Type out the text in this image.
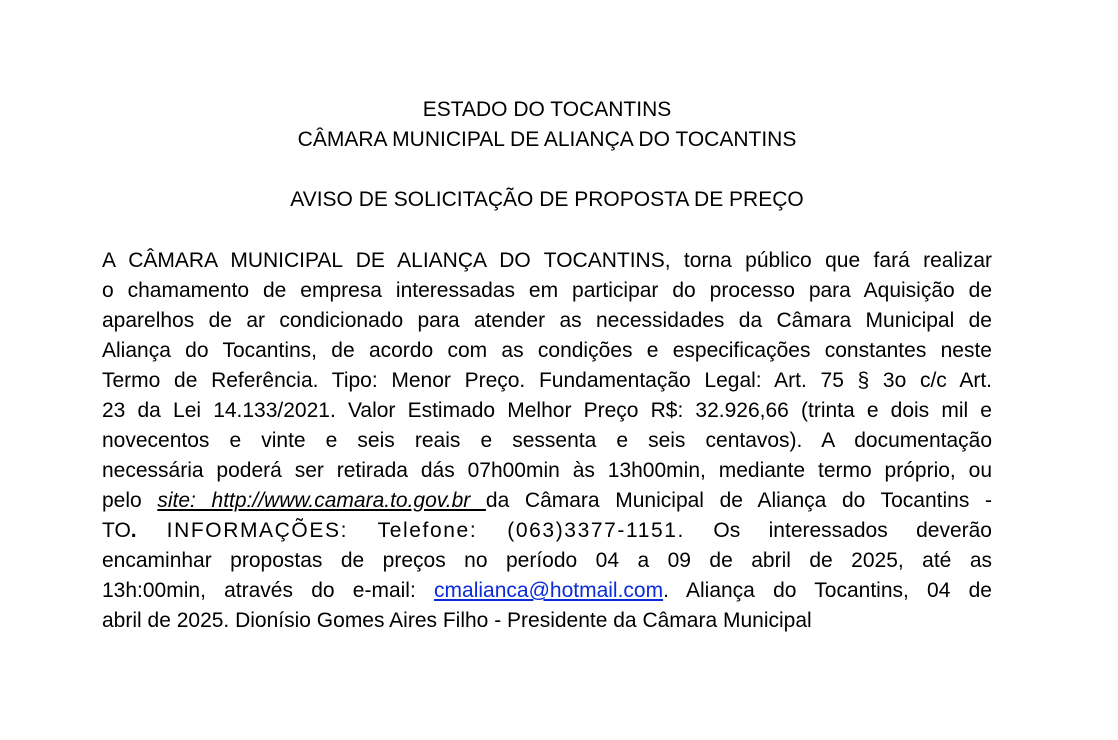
ESTADO DO TOCANTINS
CÂMARA MUNICIPAL DE ALIANÇA DO TOCANTINS
AVISO DE SOLICITAÇÃO DE PROPOSTA DE PREÇO
A CÂMARA MUNICIPAL DE ALIANÇA DO TOCANTINS, torna público que fará realizar
o chamamento de empresa interessadas em participar do processo para Aquisição de
aparelhos de ar condicionado para atender as necessidades da Câmara Municipal de
Aliança do Tocantins, de acordo com as condições e especificações constantes neste
Termo de Referência. Tipo: Menor Preço. Fundamentação Legal: Art. 75 § 3o c/c Art.
23 da Lei 14.133/2021. Valor Estimado Melhor Preço R$: 32.926,66 (trinta e dois mil e
novecentos e vinte e seis reais e sessenta e seis centavos). A documentação
necessária poderá ser retirada dás 07h00min às 13h00min, mediante termo próprio, ou
pelo site: http://www.camara.to.gov.br da Câmara Municipal de Aliança do Tocantins -
TO. INFORMAÇÕES: Telefone: (063)3377-1151. Os interessados deverão
encaminhar propostas de preços no período 04 a 09 de abril de 2025, até as
13h:00min, através do e-mail: cmalianca@hotmail.com. Aliança do Tocantins, 04 de
abril de 2025. Dionísio Gomes Aires Filho - Presidente da Câmara Municipal
